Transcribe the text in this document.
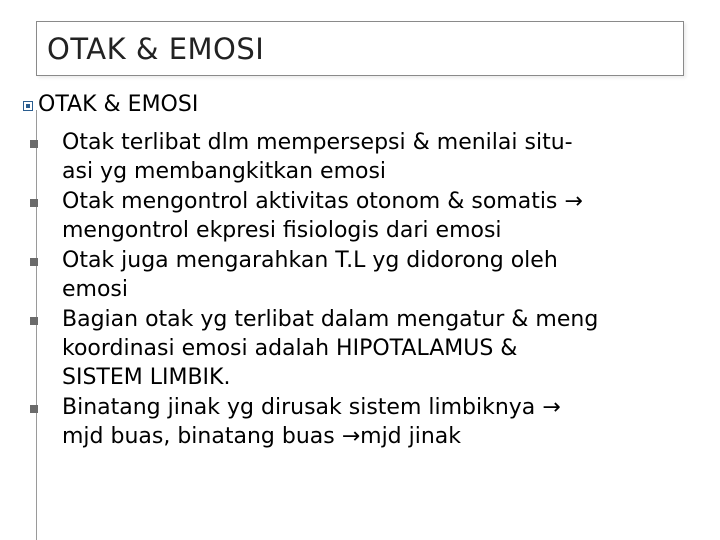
OTAK & EMOSI
OTAK & EMOSI
Otak terlibat dlm mempersepsi & menilai situ-
asi yg membangkitkan emosi
Otak mengontrol aktivitas otonom & somatis →
mengontrol ekpresi fisiologis dari emosi
Otak juga mengarahkan T.L yg didorong oleh
emosi
Bagian otak yg terlibat dalam mengatur & meng
koordinasi emosi adalah HIPOTALAMUS &
SISTEM LIMBIK.
Binatang jinak yg dirusak sistem limbiknya →
mjd buas, binatang buas →mjd jinak
